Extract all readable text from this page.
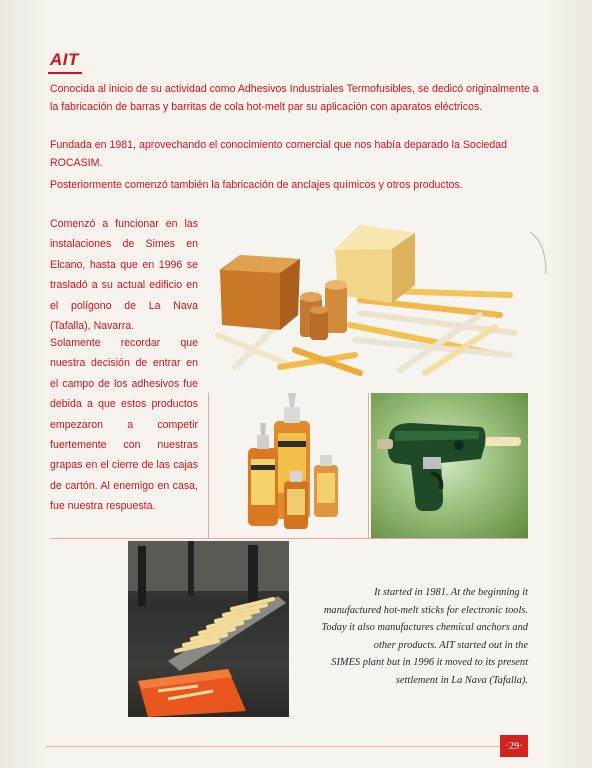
AIT

Conocida al inicio de su actividad como Adhesivos Industriales Termofusibles, se dedicó originalmente a la fabricación de barras y barritas de cola hot-melt par su aplicación con aparatos eléctricos.

Fundada en 1981, aprovechando el conocimiento comercial que nos había deparado la Sociedad ROCASIM.

Posteriormente comenzó también la fabricación de anclajes químicos y otros productos.

Comenzó a funcionar en las instalaciones de Simes en Elcano, hasta que en 1996 se trasladó a su actual edificio en el polígono de La Nava (Tafalla), Navarra.

Solamente recordar que nuestra decisión de entrar en el campo de los adhesivos fue debida a que estos productos empezaron a competir fuertemente con nuestras grapas en el cierre de las cajas de cartón. Al enemigo en casa, fue nuestra respuesta.

It started in 1981. At the beginning it
manufactured hot-melt sticks for electronic tools.
Today it also manufactures chemical anchors and
other products. AIT started out in the
SIMES plant but in 1996 it moved to its present
settlement in La Nava (Tafalla).
·29·
